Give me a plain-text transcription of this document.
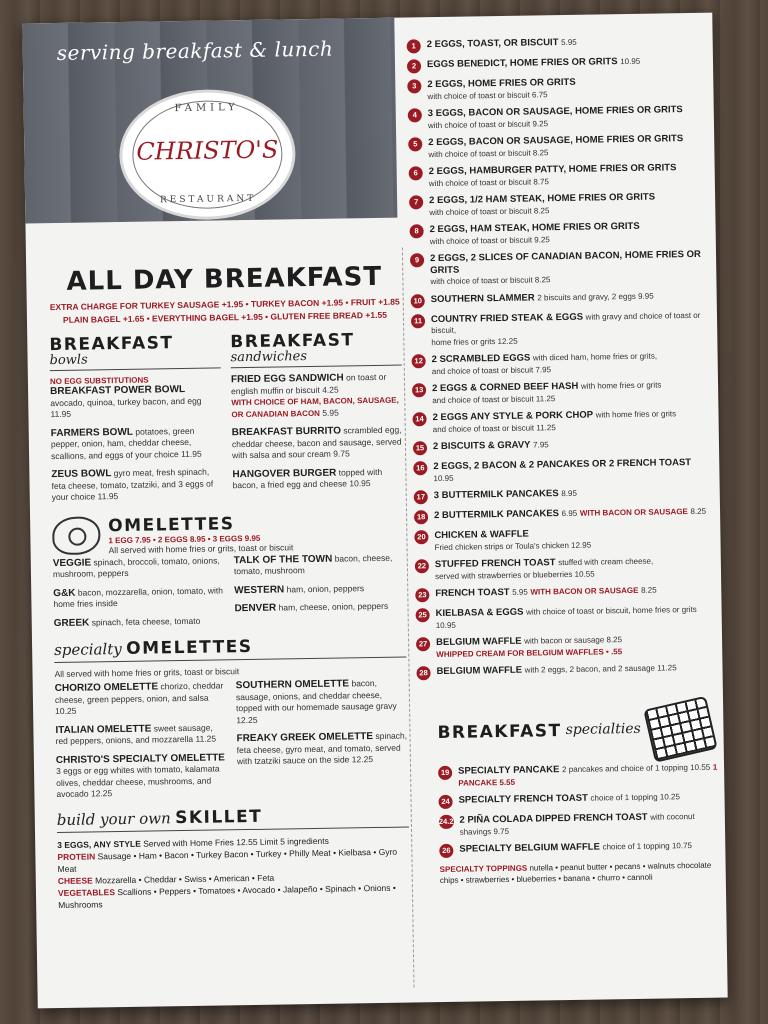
serving breakfast & lunch
FAMILY
CHRISTO'S
RESTAURANT
ALL DAY BREAKFAST
EXTRA CHARGE FOR TURKEY SAUSAGE +1.95 • TURKEY BACON +1.95 • FRUIT +1.85
PLAIN BAGEL +1.65 • EVERYTHING BAGEL +1.95 • GLUTEN FREE BREAD +1.55
BREAKFAST
bowls
NO EGG SUBSTITUTIONS
BREAKFAST POWER BOWL
avocado, quinoa, turkey bacon, and egg 11.95
FARMERS BOWL potatoes, green pepper, onion, ham, cheddar cheese, scallions, and eggs of your choice 11.95
ZEUS BOWL gyro meat, fresh spinach, feta cheese, tomato, tzatziki, and 3 eggs of your choice 11.95
BREAKFAST
sandwiches
FRIED EGG SANDWICH on toast or english muffin or biscuit 4.25
WITH CHOICE OF HAM, BACON, SAUSAGE, OR CANADIAN BACON 5.95
BREAKFAST BURRITO scrambled egg, cheddar cheese, bacon and sausage, served with salsa and sour cream 9.75
HANGOVER BURGER topped with bacon, a fried egg and cheese 10.95
OMELETTES
1 EGG 7.95 • 2 EGGS 8.95 • 3 EGGS 9.95
All served with home fries or grits, toast or biscuit
VEGGIE spinach, broccoli, tomato, onions, mushroom, peppers
G&K bacon, mozzarella, onion, tomato, with home fries inside
GREEK spinach, feta cheese, tomato
TALK OF THE TOWN bacon, cheese, tomato, mushroom
WESTERN ham, onion, peppers
DENVER ham, cheese, onion, peppers
specialty OMELETTES
All served with home fries or grits, toast or biscuit
CHORIZO OMELETTE chorizo, cheddar cheese, green peppers, onion, and salsa 10.25
ITALIAN OMELETTE sweet sausage, red peppers, onions, and mozzarella 11.25
CHRISTO'S SPECIALTY OMELETTE 3 eggs or egg whites with tomato, kalamata olives, cheddar cheese, mushrooms, and avocado 12.25
SOUTHERN OMELETTE bacon, sausage, onions, and cheddar cheese, topped with our homemade sausage gravy 12.25
FREAKY GREEK OMELETTE spinach, feta cheese, gyro meat, and tomato, served with tzatziki sauce on the side 12.25
build your own SKILLET
3 EGGS, ANY STYLE Served with Home Fries 12.55 Limit 5 ingredients
PROTEIN Sausage • Ham • Bacon • Turkey Bacon • Turkey • Philly Meat • Kielbasa • Gyro Meat
CHEESE Mozzarella • Cheddar • Swiss • American • Feta
VEGETABLES Scallions • Peppers • Tomatoes • Avocado • Jalapeño • Spinach • Onions • Mushrooms
1	2 EGGS, TOAST, OR BISCUIT 5.95
2	EGGS BENEDICT, HOME FRIES OR GRITS 10.95
3	2 EGGS, HOME FRIES OR GRITS
with choice of toast or biscuit 6.75
4	3 EGGS, BACON OR SAUSAGE, HOME FRIES OR GRITS
with choice of toast or biscuit 9.25
5	2 EGGS, BACON OR SAUSAGE, HOME FRIES OR GRITS
with choice of toast or biscuit 8.25
6	2 EGGS, HAMBURGER PATTY, HOME FRIES OR GRITS
with choice of toast or biscuit 8.75
7	2 EGGS, 1/2 HAM STEAK, HOME FRIES OR GRITS
with choice of toast or biscuit 8.25
8	2 EGGS, HAM STEAK, HOME FRIES OR GRITS
with choice of toast or biscuit 9.25
9	2 EGGS, 2 SLICES OF CANADIAN BACON, HOME FRIES OR GRITS
with choice of toast or biscuit 8.25
10 SOUTHERN SLAMMER 2 biscuits and gravy, 2 eggs 9.95
11 COUNTRY FRIED STEAK & EGGS with gravy and choice of toast or biscuit,
home fries or grits 12.25
12 2 SCRAMBLED EGGS with diced ham, home fries or grits,
and choice of toast or biscuit 7.95
13 2 EGGS & CORNED BEEF HASH with home fries or grits
and choice of toast or biscuit 11.25
14 2 EGGS ANY STYLE & PORK CHOP with home fries or grits
and choice of toast or biscuit 11.25
15 2 BISCUITS & GRAVY 7.95
16 2 EGGS, 2 BACON & 2 PANCAKES OR 2 FRENCH TOAST 10.95
17 3 BUTTERMILK PANCAKES 8.95
18 2 BUTTERMILK PANCAKES 6.95 WITH BACON OR SAUSAGE 8.25
20 CHICKEN & WAFFLE
Fried chicken strips or Toula's chicken 12.95
22 STUFFED FRENCH TOAST stuffed with cream cheese,
served with strawberries or blueberries 10.55
23 FRENCH TOAST 5.95 WITH BACON OR SAUSAGE 8.25
25 KIELBASA & EGGS with choice of toast or biscuit, home fries or grits 10.95
27 BELGIUM WAFFLE with bacon or sausage 8.25
WHIPPED CREAM FOR BELGIUM WAFFLES • .55
28 BELGIUM WAFFLE with 2 eggs, 2 bacon, and 2 sausage 11.25
BREAKFAST specialties
19 SPECIALTY PANCAKE 2 pancakes and choice of 1 topping 10.55 1 PANCAKE 5.55
24 SPECIALTY FRENCH TOAST choice of 1 topping 10.25
24.2 2 PIÑA COLADA DIPPED FRENCH TOAST with coconut shavings 9.75
26 SPECIALTY BELGIUM WAFFLE choice of 1 topping 10.75
SPECIALTY TOPPINGS nutella • peanut butter • pecans • walnuts chocolate chips • strawberries • blueberries • banana • churro • cannoli
